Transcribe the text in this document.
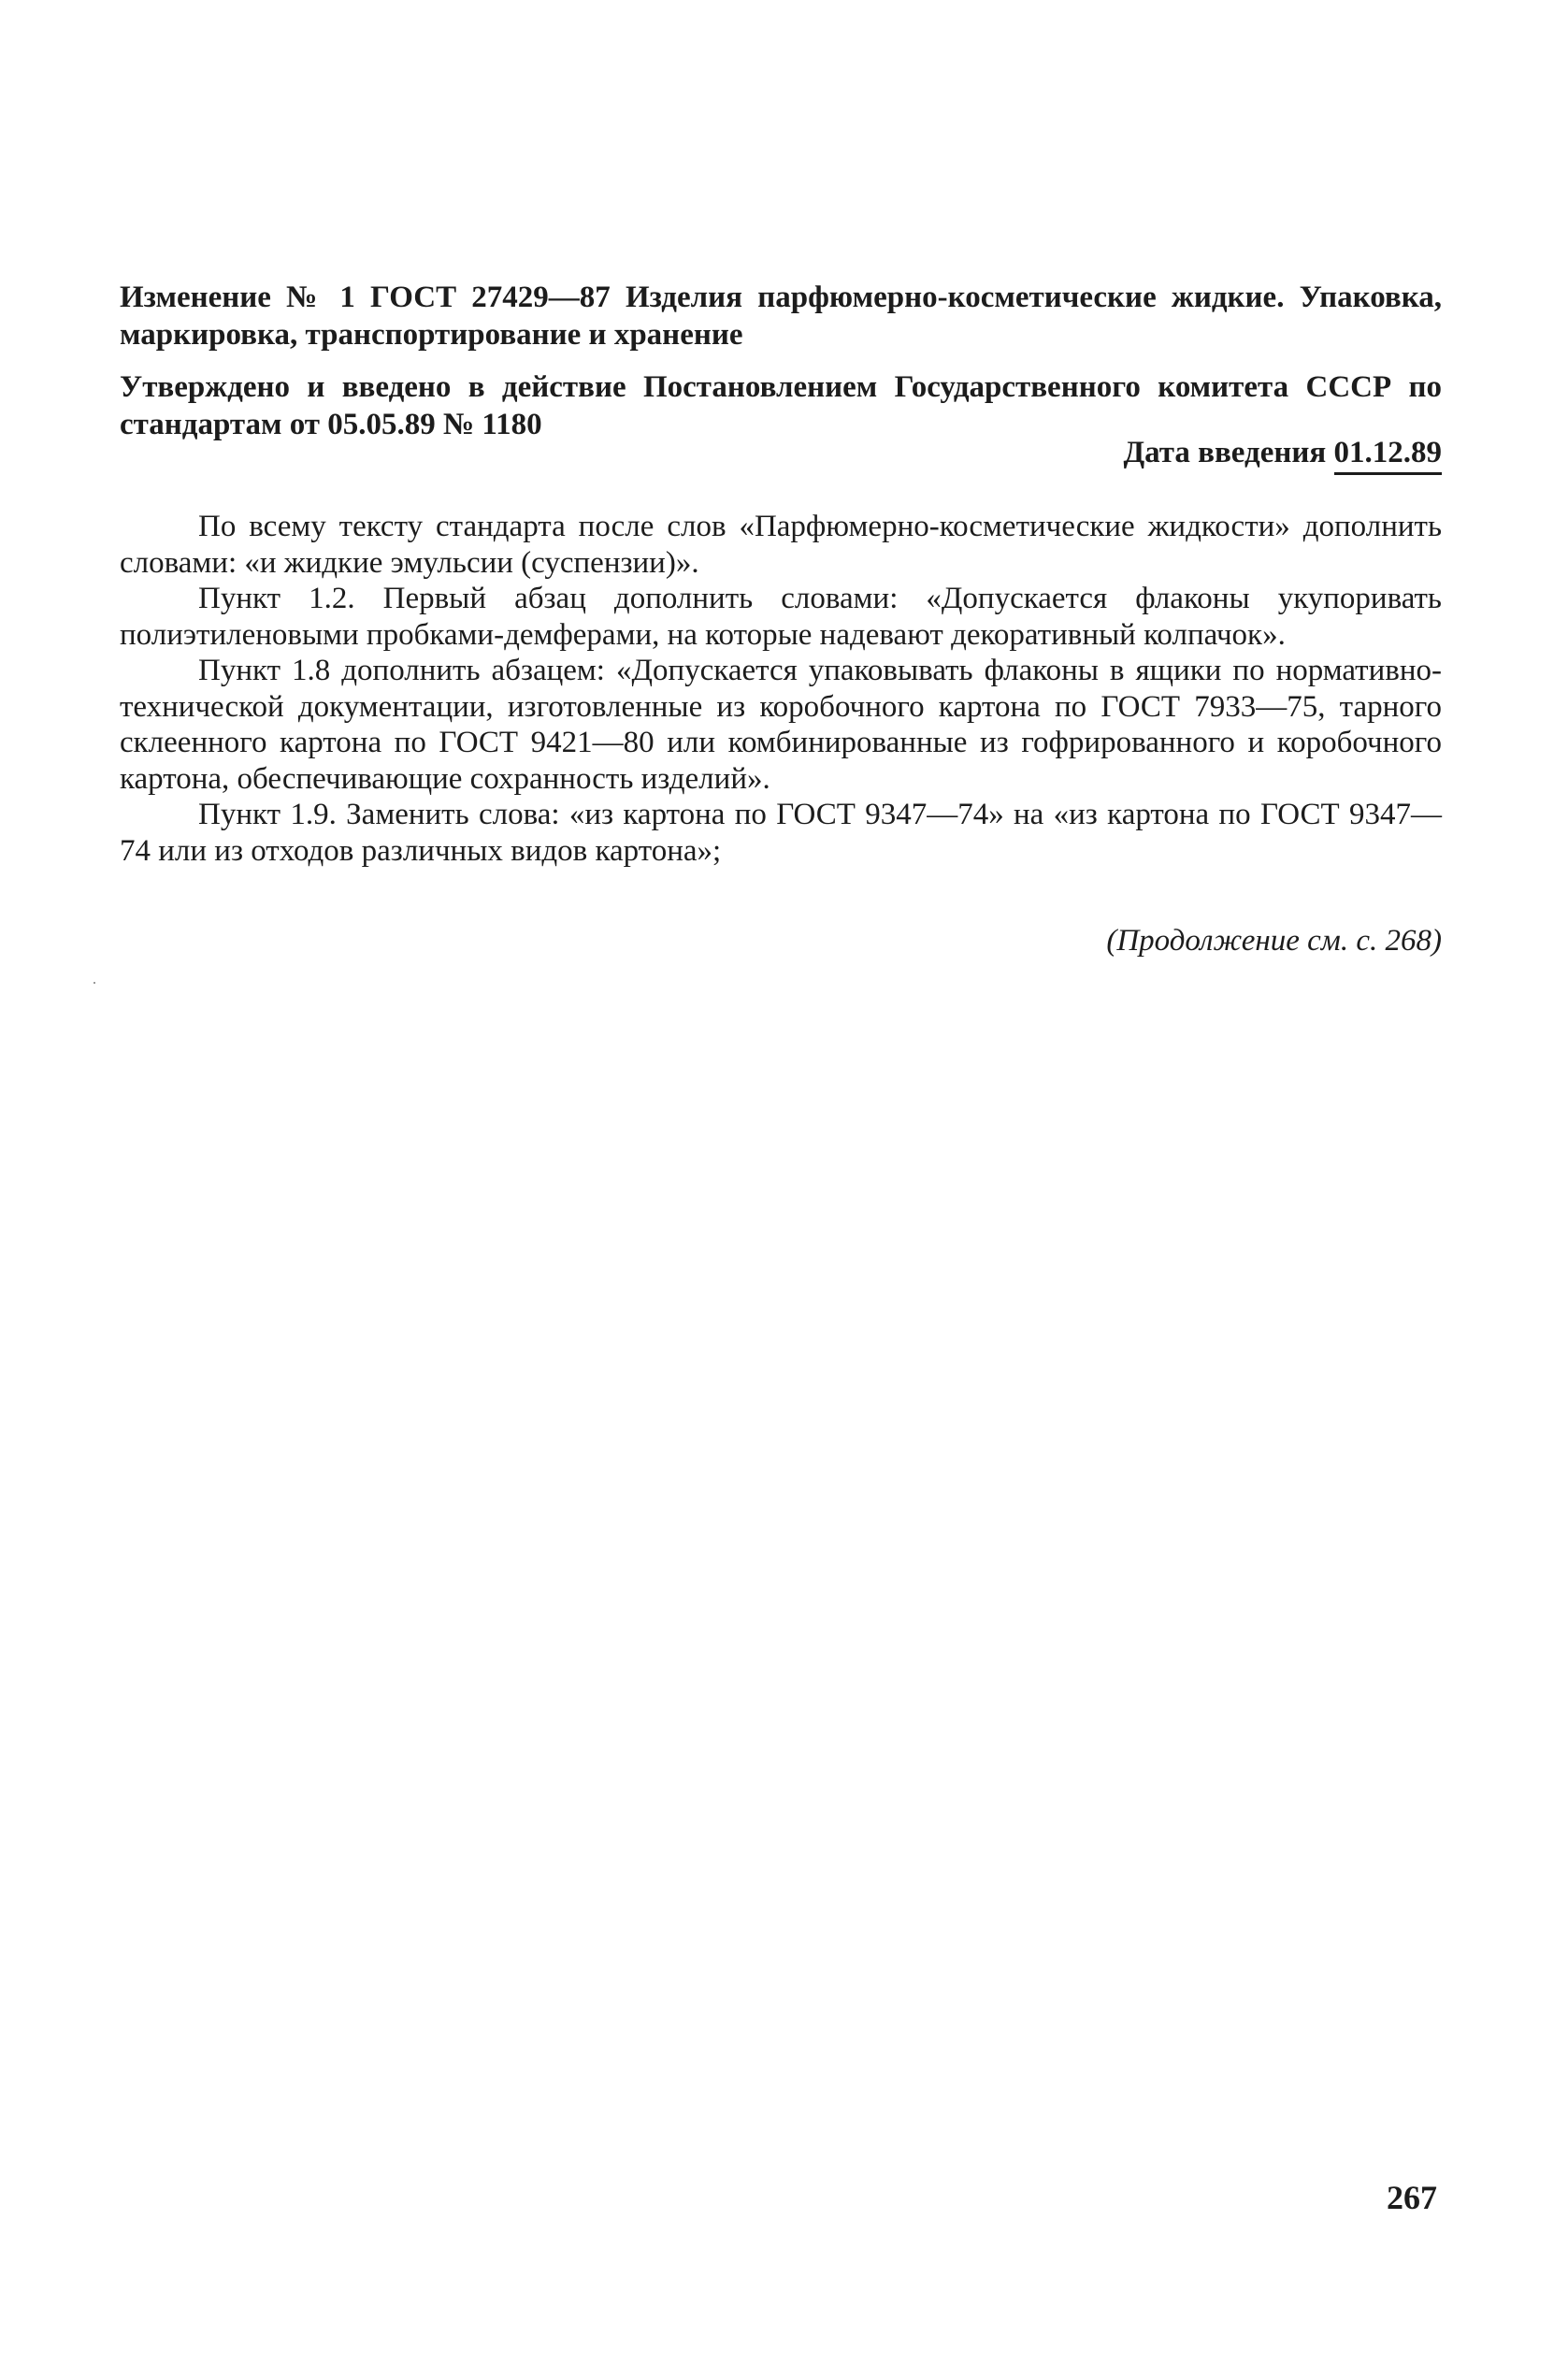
Изменение № 1 ГОСТ 27429—87 Изделия парфюмерно-косметические жидкие. Упаковка, маркировка, транспортирование и хранение
Утверждено и введено в действие Постановлением Государственного комитета СССР по стандартам от 05.05.89 № 1180
Дата введения 01.12.89

По всему тексту стандарта после слов «Парфюмерно-косметические жидкости» дополнить словами: «и жидкие эмульсии (суспензии)».

Пункт 1.2. Первый абзац дополнить словами: «Допускается флаконы укупоривать полиэтиленовыми пробками-демферами, на которые надевают декоративный колпачок».

Пункт 1.8 дополнить абзацем: «Допускается упаковывать флаконы в ящики по нормативно-технической документации, изготовленные из коробочного картона по ГОСТ 7933—75, тарного склеенного картона по ГОСТ 9421—80 или комбинированные из гофрированного и коробочного картона, обеспечивающие сохранность изделий».

Пункт 1.9. Заменить слова: «из картона по ГОСТ 9347—74» на «из картона по ГОСТ 9347—74 или из отходов различных видов картона»;

(Продолжение см. с. 268)
267
